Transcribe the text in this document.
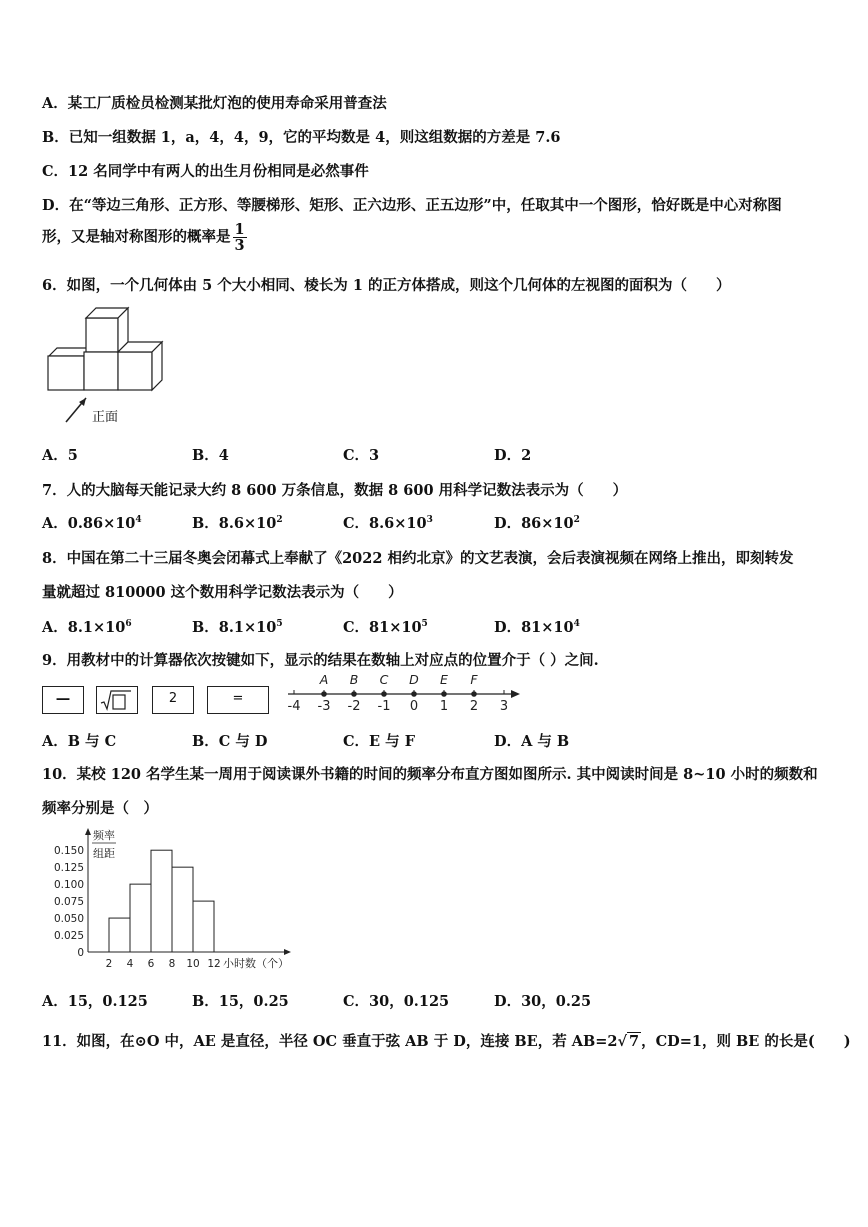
A．某工厂质检员检测某批灯泡的使用寿命采用普查法
B．已知一组数据 1，a，4，4，9，它的平均数是 4，则这组数据的方差是 7.6
C．12 名同学中有两人的出生月份相同是必然事件
D．在“等边三角形、正方形、等腰梯形、矩形、正六边形、正五边形”中，任取其中一个图形，恰好既是中心对称图
形，又是轴对称图形的概率是 $\frac{1}{3}$
6．如图，一个几何体由 5 个大小相同、棱长为 1 的正方体搭成，则这个几何体的左视图的面积为（　　）
正面
A．5	B．4	C．3	D．2
7．人的大脑每天能记录大约 8 600 万条信息，数据 8 600 用科学记数法表示为（　　）
A．$0.86\times 10^4$	B．$8.6\times 10^2$	C．$8.6\times 10^3$	D．$86\times 10^2$
8．中国在第二十三届冬奥会闭幕式上奉献了《2022 相约北京》的文艺表演，会后表演视频在网络上推出，即刻转发
量就超过 810000 这个数用科学记数法表示为（　　）
A．$8.1\times 10^6$	B．$8.1\times 10^5$	C．$81\times 10^5$	D．$81\times 10^4$
9．用教材中的计算器依次按键如下，显示的结果在数轴上对应点的位置介于（ ）之间.
—	2	=
-4 -3 -2 -1 0 1 2 3
A B C D E F
A．B 与 C	B．C 与 D	C．E 与 F	D．A 与 B
10．某校 120 名学生某一周用于阅读课外书籍的时间的频率分布直方图如图所示. 其中阅读时间是 8~10 小时的频数和
频率分别是（　）
频率
组距
0
0.025
0.050
0.075
0.100
0.125
0.150
2 4 6 8 10 12 小时数（个）
A．15，0.125	B．15，0.25	C．30，0.125	D．30，0.25
11．如图，在⊙O 中，AE 是直径，半径 OC 垂直于弦 AB 于 D，连接 BE，若 AB=2√ 7 ，CD=1，则 BE 的长是(　　)
